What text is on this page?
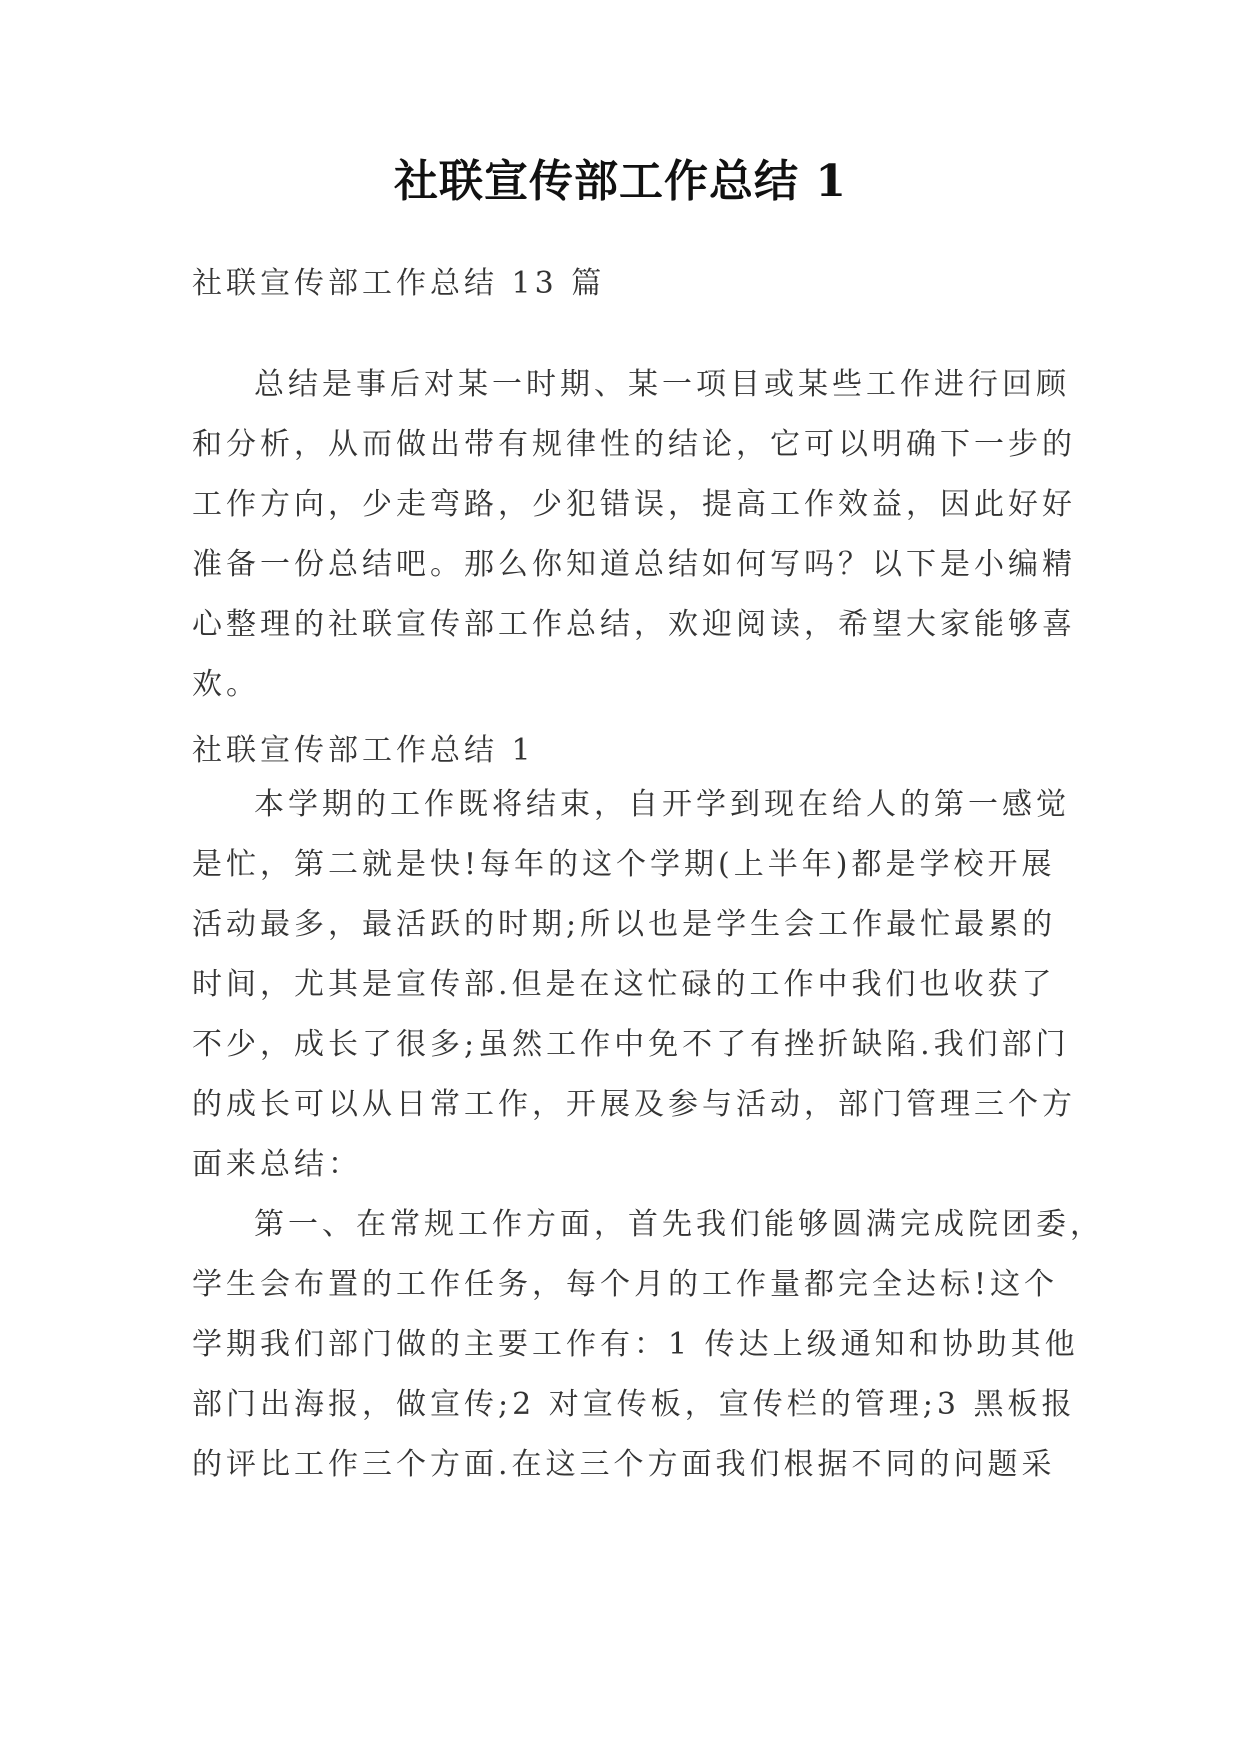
社联宣传部工作总结 1
社联宣传部工作总结 13 篇
总结是事后对某一时期、某一项目或某些工作进行回顾
和分析，从而做出带有规律性的结论，它可以明确下一步的
工作方向，少走弯路，少犯错误，提高工作效益，因此好好
准备一份总结吧。那么你知道总结如何写吗？以下是小编精
心整理的社联宣传部工作总结，欢迎阅读，希望大家能够喜
欢。
社联宣传部工作总结 1
本学期的工作既将结束，自开学到现在给人的第一感觉
是忙，第二就是快!每年的这个学期(上半年)都是学校开展
活动最多，最活跃的时期;所以也是学生会工作最忙最累的
时间，尤其是宣传部.但是在这忙碌的工作中我们也收获了
不少，成长了很多;虽然工作中免不了有挫折缺陷.我们部门
的成长可以从日常工作，开展及参与活动，部门管理三个方
面来总结：
第一、在常规工作方面，首先我们能够圆满完成院团委，
学生会布置的工作任务，每个月的工作量都完全达标!这个
学期我们部门做的主要工作有：1 传达上级通知和协助其他
部门出海报，做宣传;2 对宣传板，宣传栏的管理;3 黑板报
的评比工作三个方面.在这三个方面我们根据不同的问题采
